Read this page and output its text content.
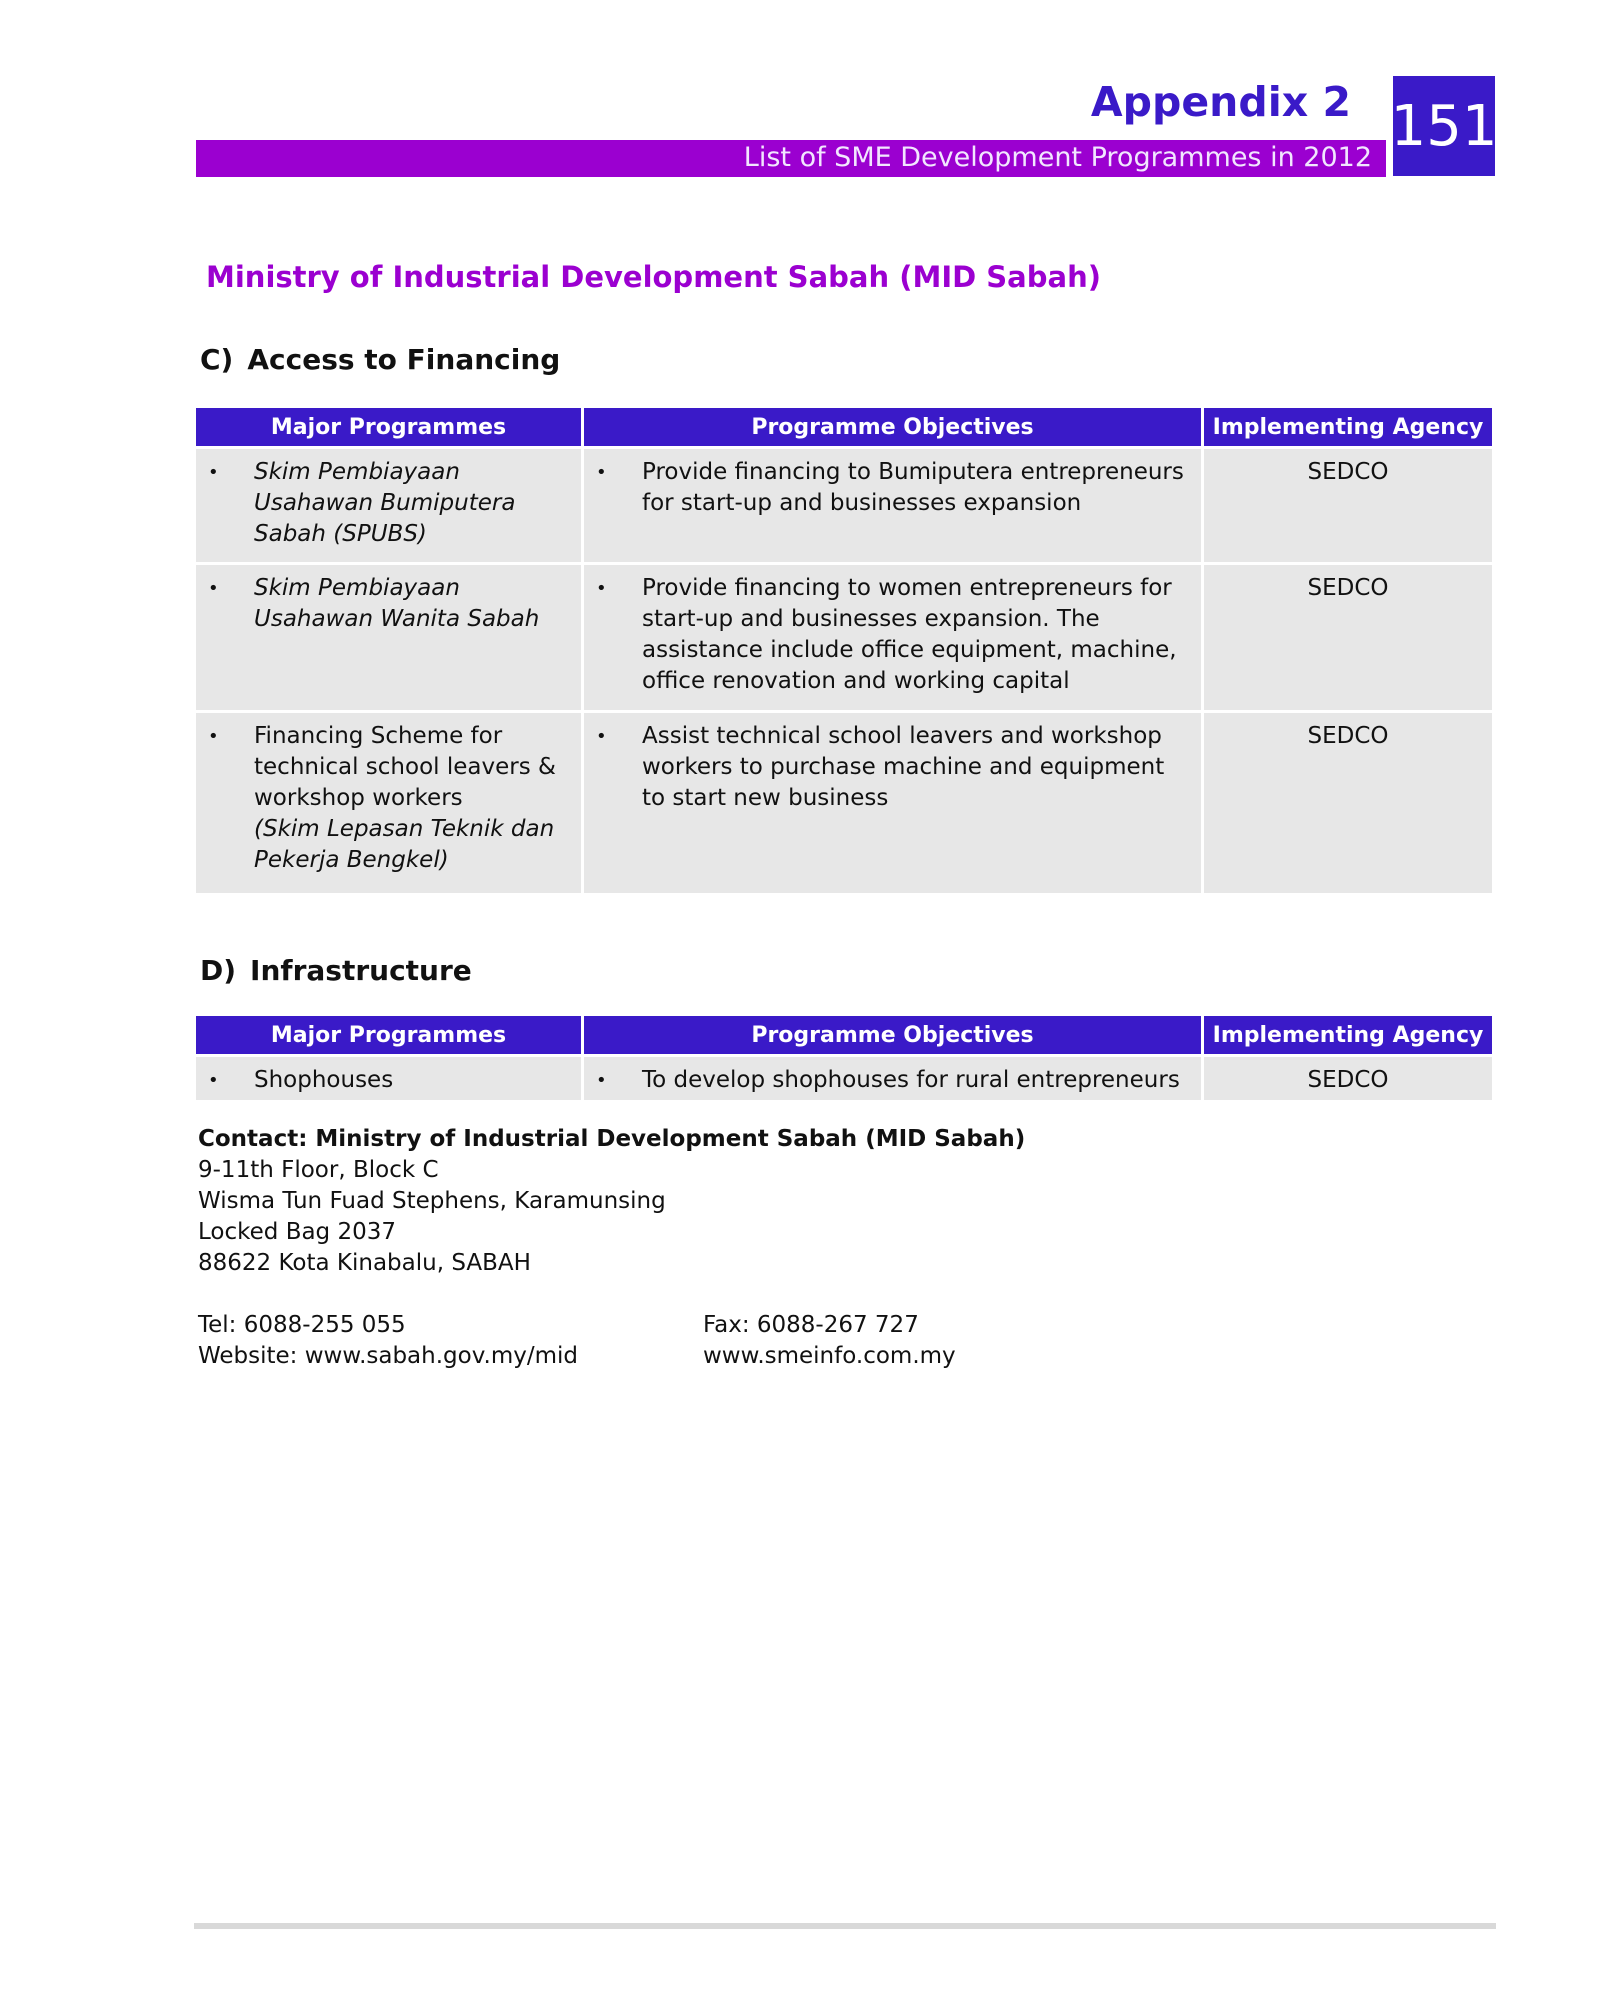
Appendix 2
List of SME Development Programmes in 2012 151
Ministry of Industrial Development Sabah (MID Sabah)
C) Access to Financing
Major Programmes	Programme Objectives	Implementing Agency

• Skim Pembiayaan Usahawan Bumiputera Sabah (SPUBS)	• Provide financing to Bumiputera entrepreneurs for start-up and businesses expansion	SEDCO

• Skim Pembiayaan Usahawan Wanita Sabah	• Provide financing to women entrepreneurs for start-up and businesses expansion. The assistance include office equipment, machine, office renovation and working capital	SEDCO

• Financing Scheme for technical school leavers & workshop workers
(Skim Lepasan Teknik dan Pekerja Bengkel)	• Assist technical school leavers and workshop workers to purchase machine and equipment to start new business	SEDCO
D) Infrastructure
Major Programmes	Programme Objectives	Implementing Agency

• Shophouses	• To develop shophouses for rural entrepreneurs	SEDCO
Contact: Ministry of Industrial Development Sabah (MID Sabah)
9-11th Floor, Block C
Wisma Tun Fuad Stephens, Karamunsing
Locked Bag 2037
88622 Kota Kinabalu, SABAH
Tel: 6088-255 055
Website: www.sabah.gov.my/mid
Fax: 6088-267 727
www.smeinfo.com.my
